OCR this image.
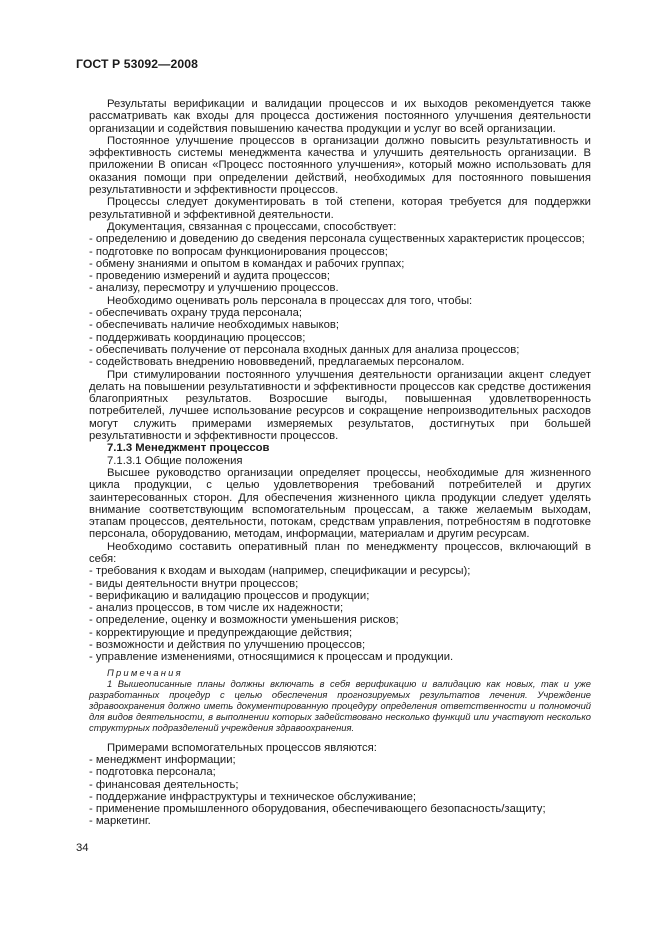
ГОСТ Р 53092—2008

Результаты верификации и валидации процессов и их выходов рекомендуется также рассматривать как входы для процесса достижения постоянного улучшения деятельности организации и содействия повышению качества продукции и услуг во всей организации.

Постоянное улучшение процессов в организации должно повысить результативность и эффективность системы менеджмента качества и улучшить деятельность организации. В приложении В описан «Процесс постоянного улучшения», который можно использовать для оказания помощи при определении действий, необходимых для постоянного повышения результативности и эффективности процессов.

Процессы следует документировать в той степени, которая требуется для поддержки результативной и эффективной деятельности.

Документация, связанная с процессами, способствует:

- определению и доведению до сведения персонала существенных характеристик процессов;

- подготовке по вопросам функционирования процессов;

- обмену знаниями и опытом в командах и рабочих группах;

- проведению измерений и аудита процессов;

- анализу, пересмотру и улучшению процессов.

Необходимо оценивать роль персонала в процессах для того, чтобы:

- обеспечивать охрану труда персонала;

- обеспечивать наличие необходимых навыков;

- поддерживать координацию процессов;

- обеспечивать получение от персонала входных данных для анализа процессов;

- содействовать внедрению нововведений, предлагаемых персоналом.

При стимулировании постоянного улучшения деятельности организации акцент следует делать на повышении результативности и эффективности процессов как средстве достижения благоприятных результатов. Возросшие выгоды, повышенная удовлетворенность потребителей, лучшее использование ресурсов и сокращение непроизводительных расходов могут служить примерами измеряемых результатов, достигнутых при большей результативности и эффективности процессов.

7.1.3 Менеджмент процессов

7.1.3.1 Общие положения

Высшее руководство организации определяет процессы, необходимые для жизненного цикла продукции, с целью удовлетворения требований потребителей и других заинтересованных сторон. Для обеспечения жизненного цикла продукции следует уделять внимание соответствующим вспомогательным процессам, а также желаемым выходам, этапам процессов, деятельности, потокам, средствам управления, потребностям в подготовке персонала, оборудованию, методам, информации, материалам и другим ресурсам.

Необходимо составить оперативный план по менеджменту процессов, включающий в себя:

- требования к входам и выходам (например, спецификации и ресурсы);

- виды деятельности внутри процессов;

- верификацию и валидацию процессов и продукции;

- анализ процессов, в том числе их надежности;

- определение, оценку и возможности уменьшения рисков;

- корректирующие и предупреждающие действия;

- возможности и действия по улучшению процессов;

- управление изменениями, относящимися к процессам и продукции.

Примечания

1 Вышеописанные планы должны включать в себя верификацию и валидацию как новых, так и уже разработанных процедур с целью обеспечения прогнозируемых результатов лечения. Учреждение здравоохранения должно иметь документированную процедуру определения ответственности и полномочий для видов деятельности, в выполнении которых задействовано несколько функций или участвуют несколько структурных подразделений учреждения здравоохранения.

Примерами вспомогательных процессов являются:

- менеджмент информации;

- подготовка персонала;

- финансовая деятельность;

- поддержание инфраструктуры и техническое обслуживание;

- применение промышленного оборудования, обеспечивающего безопасность/защиту;

- маркетинг.

34
